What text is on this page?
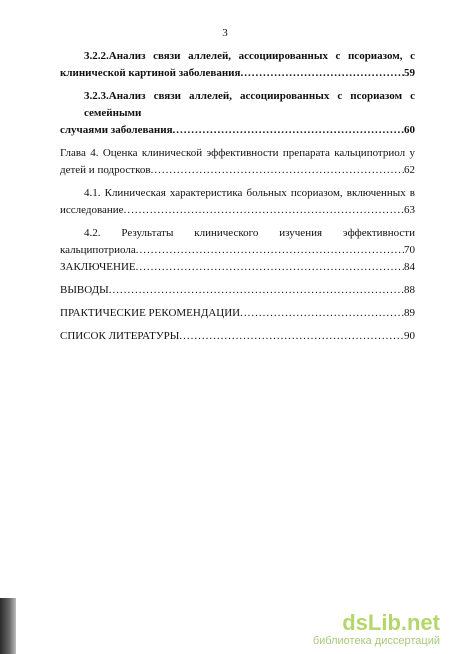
3
3.2.2.Анализ связи аллелей, ассоциированных с псориазом, с
клинической картиной заболевания .....	59
3.2.3.Анализ связи аллелей, ассоциированных с псориазом с семейными
случаями заболевания .....	60
Глава 4. Оценка клинической эффективности препарата кальципотриол у
детей и подростков .....	62
4.1. Клиническая характеристика больных псориазом, включенных в
исследование .....	63
4.2. Результаты клинического изучения эффективности
кальципотриола .....	70
ЗАКЛЮЧЕНИЕ .....	84
ВЫВОДЫ .....	88
ПРАКТИЧЕСКИЕ РЕКОМЕНДАЦИИ .....	89
СПИСОК ЛИТЕРАТУРЫ .....	90
dsLib.net
библиотека диссертаций
